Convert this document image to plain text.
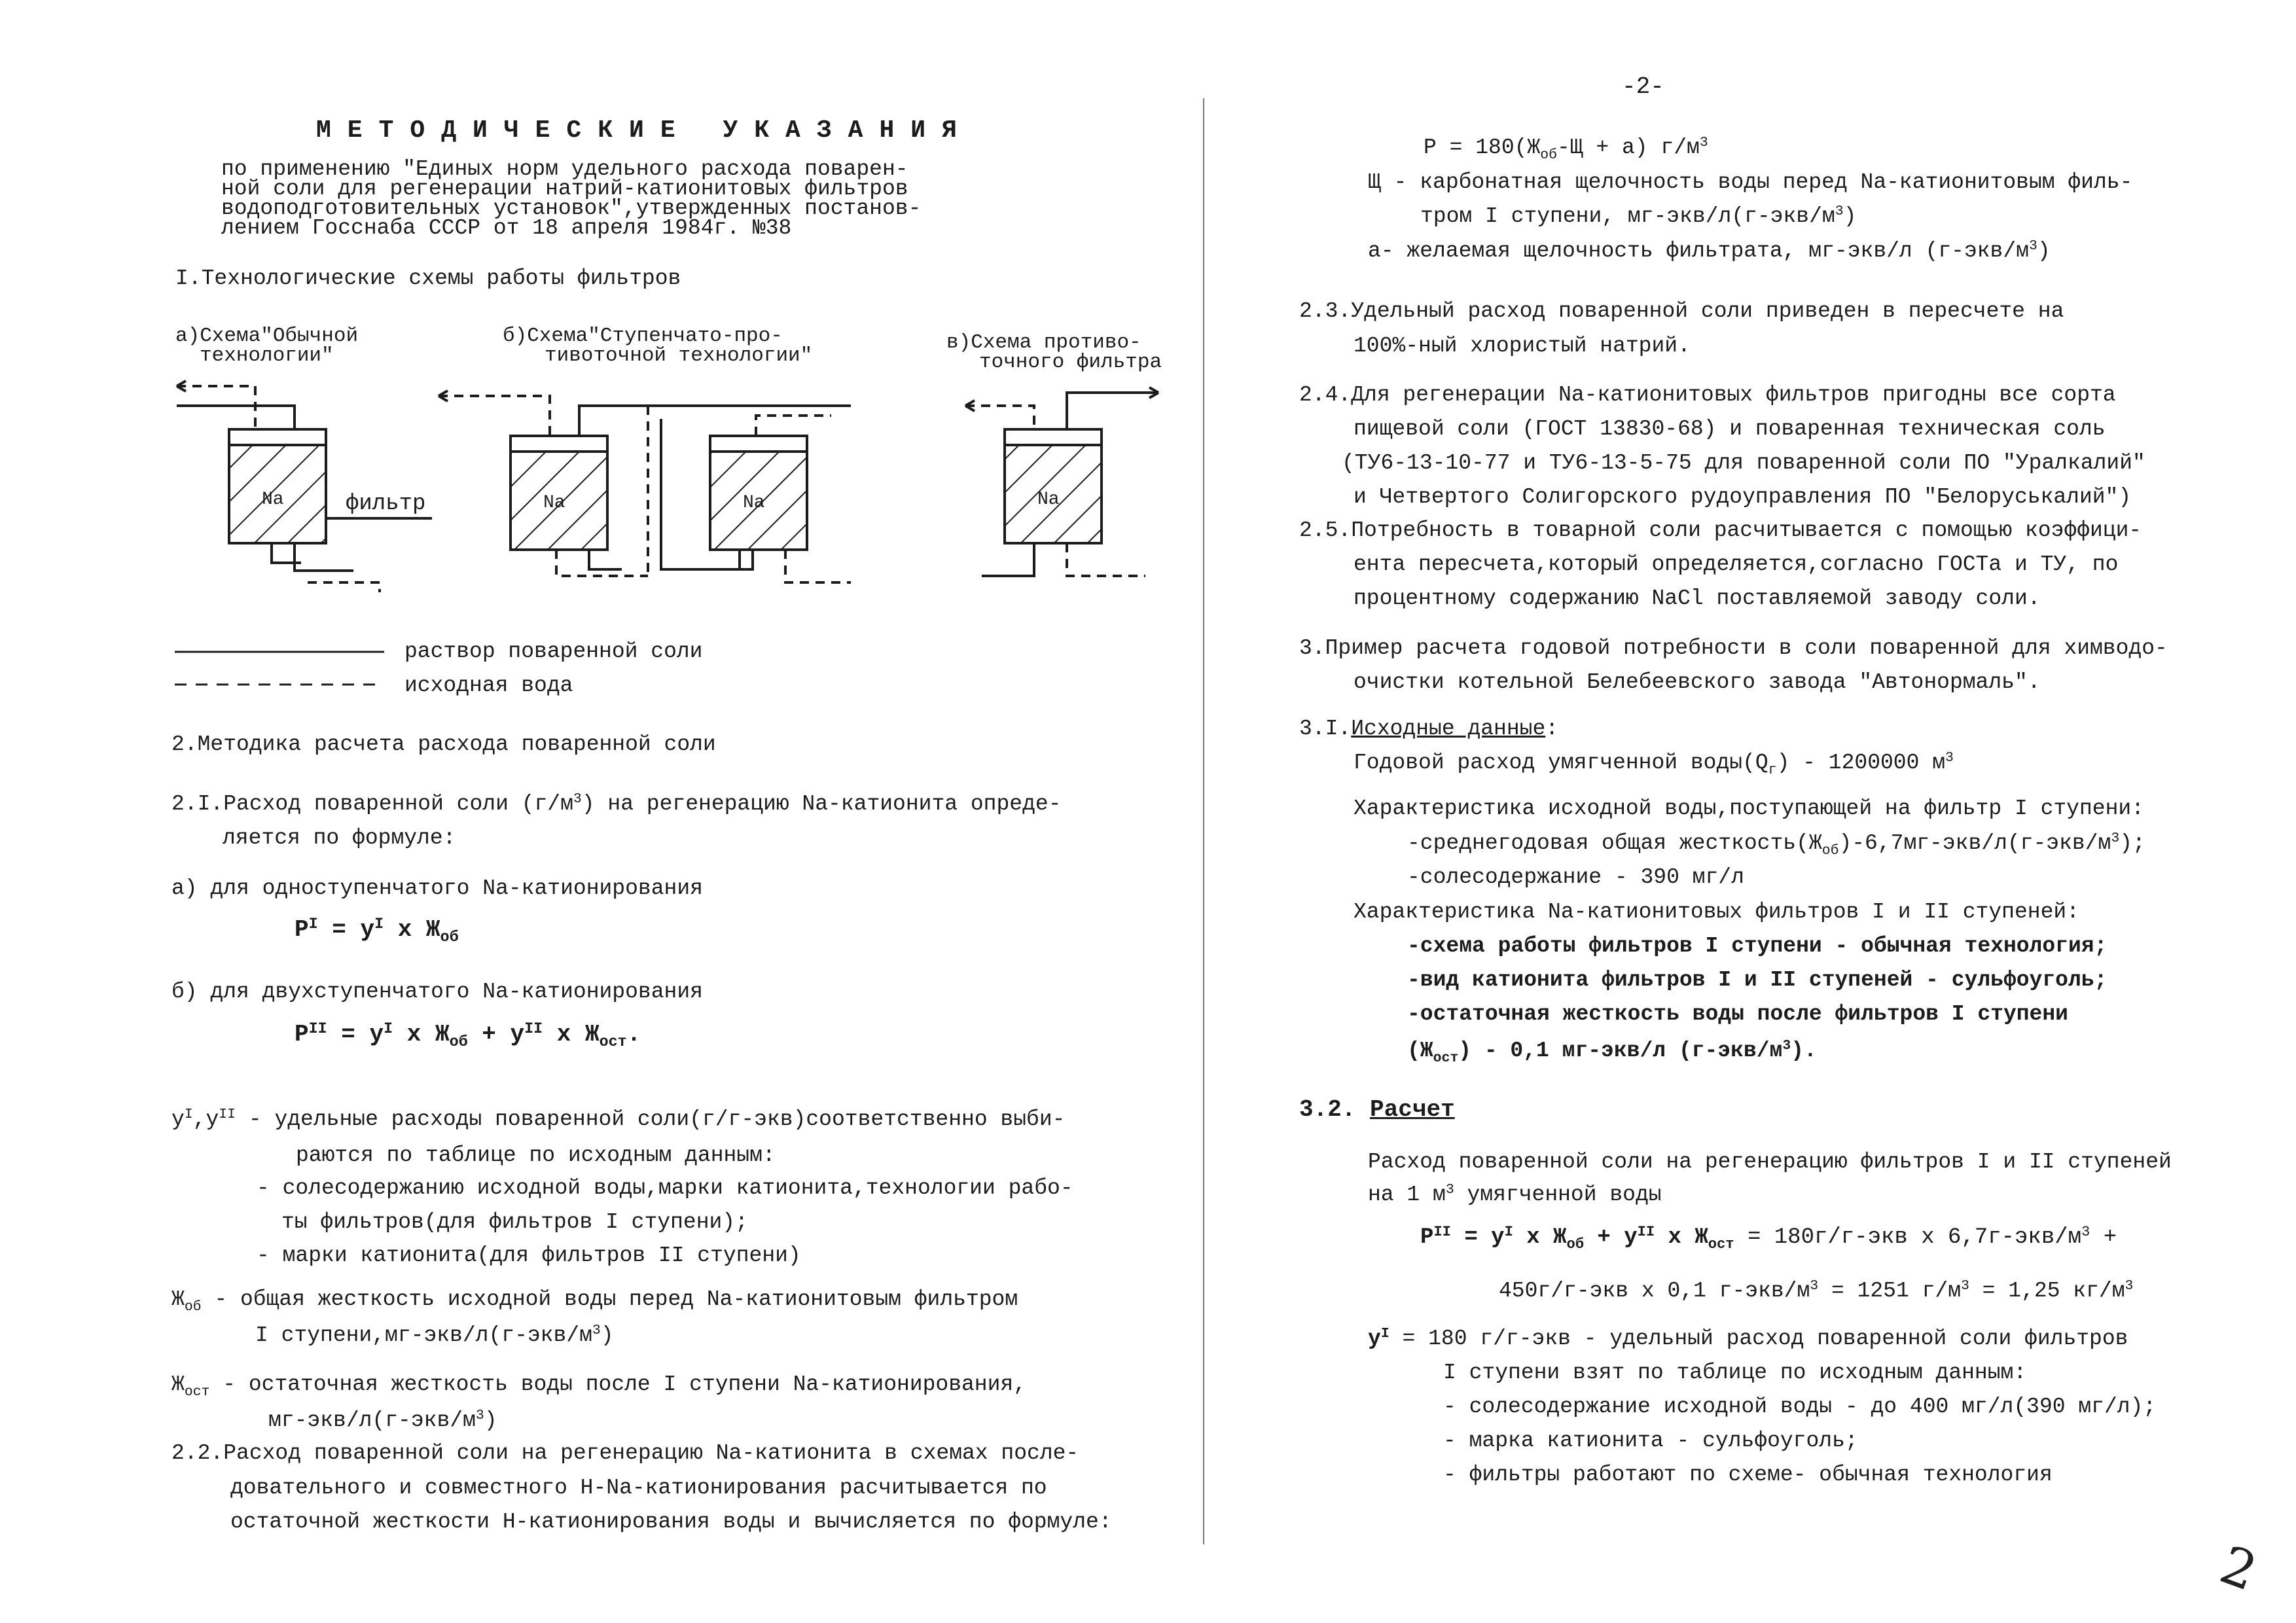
МЕТОДИЧЕСКИЕ УКАЗАНИЯ
по применению "Единых норм удельного расхода поварен-
ной соли для регенерации натрий-катионитовых фильтров
водоподготовительных установок",утвержденных постанов-
лением Госснаба СССР от 18 апреля 1984г. №38
I.Технологические схемы работы фильтров
а)Схема"Обычной
технологии"
б)Схема"Ступенчато-про-
тивоточной технологии"
в)Схема противо-
точного фильтра
Na	Na	Na	Na
фильтр
раствор поваренной соли
исходная вода
2.Методика расчета расхода поваренной соли
2.I.Расход поваренной соли $(г/м^3)$ на регенерацию Na-катионита опреде-
ляется по формуле:
а) для одноступенчатого Na-катионирования
$P^I = y^I$ x $Ж_{об}$
б) для двухступенчатого Na-катионирования
$P^{II} = y^I$ x $Ж_{об} + y^{II}$ x $Ж_{ост}$.
$y^I,y^{II}$ - удельные расходы поваренной соли(г/г-экв)соответственно выби-
раются по таблице по исходным данным:
- солесодержанию исходной воды,марки катионита,технологии рабо-
ты фильтров(для фильтров I ступени);
- марки катионита(для фильтров II ступени)
$Ж_{об}$ - общая жесткость исходной воды перед Na-катионитовым фильтром
I $ступени,мг-экв/л(г-экв/м^3)$
$Ж_{ост}$ - остаточная жесткость воды после I ступени Na-катионирования,
$мг-экв/л(г-экв/м^3)$
2.2.Расход поваренной соли на регенерацию Na-катионита в схемах после-
довательного и совместного Н-Na-катионирования расчитывается по
остаточной жесткости Н-катионирования воды и вычисляется по формуле:
-2-
$P = 180(Ж_{об}-Щ + а)$ $г/м^3$
Щ - карбонатная щелочность воды перед Na-катионитовым филь-
тром I ступени, $мг-экв/л(г-экв/м^3)$
а- желаемая щелочность фильтрата, мг-экв/л $(г-экв/м^3)$
2.3.Удельный расход поваренной соли приведен в пересчете на
100%-ный хлористый натрий.
2.4.Для регенерации Na-катионитовых фильтров пригодны все сорта
пищевой соли (ГОСТ 13830-68) и поваренная техническая соль
(ТУ6-13-10-77 и ТУ6-13-5-75 для поваренной соли ПО "Уралкалий"
и Четвертого Солигорского рудоуправления ПО "Белоруськалий")
2.5.Потребность в товарной соли расчитывается с помощью коэффици-
ента пересчета,который определяется,согласно ГОСТа и ТУ, по
процентному содержанию NaCl поставляемой заводу соли.
3.Пример расчета годовой потребности в соли поваренной для химводо-
очистки котельной Белебеевского завода "Автонормаль".
3.I.Исходные данные:
Годовой расход умягченной $воды(Q_г) - 1200000$ $м^3$
Характеристика исходной воды,поступающей на фильтр I ступени:
-среднегодовая общая $жесткость(Ж_{об})-6,7мг-экв/л(г-экв/м^3)$;
-солесодержание - 390 мг/л
Характеристика Na-катионитовых фильтров I и II ступеней:
-схема работы фильтров I ступени - обычная технология;
-вид катионита фильтров I и II ступеней - сульфоуголь;
-остаточная жесткость воды после фильтров I ступени
$(Ж_{ост}) - 0,1$ мг-экв/л $(г-экв/м^3)$.
3.2. Расчет
Расход поваренной соли на регенерацию фильтров I и II ступеней
на 1 $м^3$ умягченной воды
$P^{II} = y^I$ x $Ж_{об} + y^{II}$ x $Ж_{ост} = 180г/г-экв$ x $6,7г-экв/м^3$ +
450г/г-экв x 0,1 $г-экв/м^3 = 1251$ $г/м^3 = 1,25$ $кг/м^3$
$y^I = 180$ г/г-экв - удельный расход поваренной соли фильтров
I ступени взят по таблице по исходным данным:
- солесодержание исходной воды - до 400 мг/л(390 мг/л);
- марка катионита - сульфоуголь;
- фильтры работают по схеме- обычная технология
2
